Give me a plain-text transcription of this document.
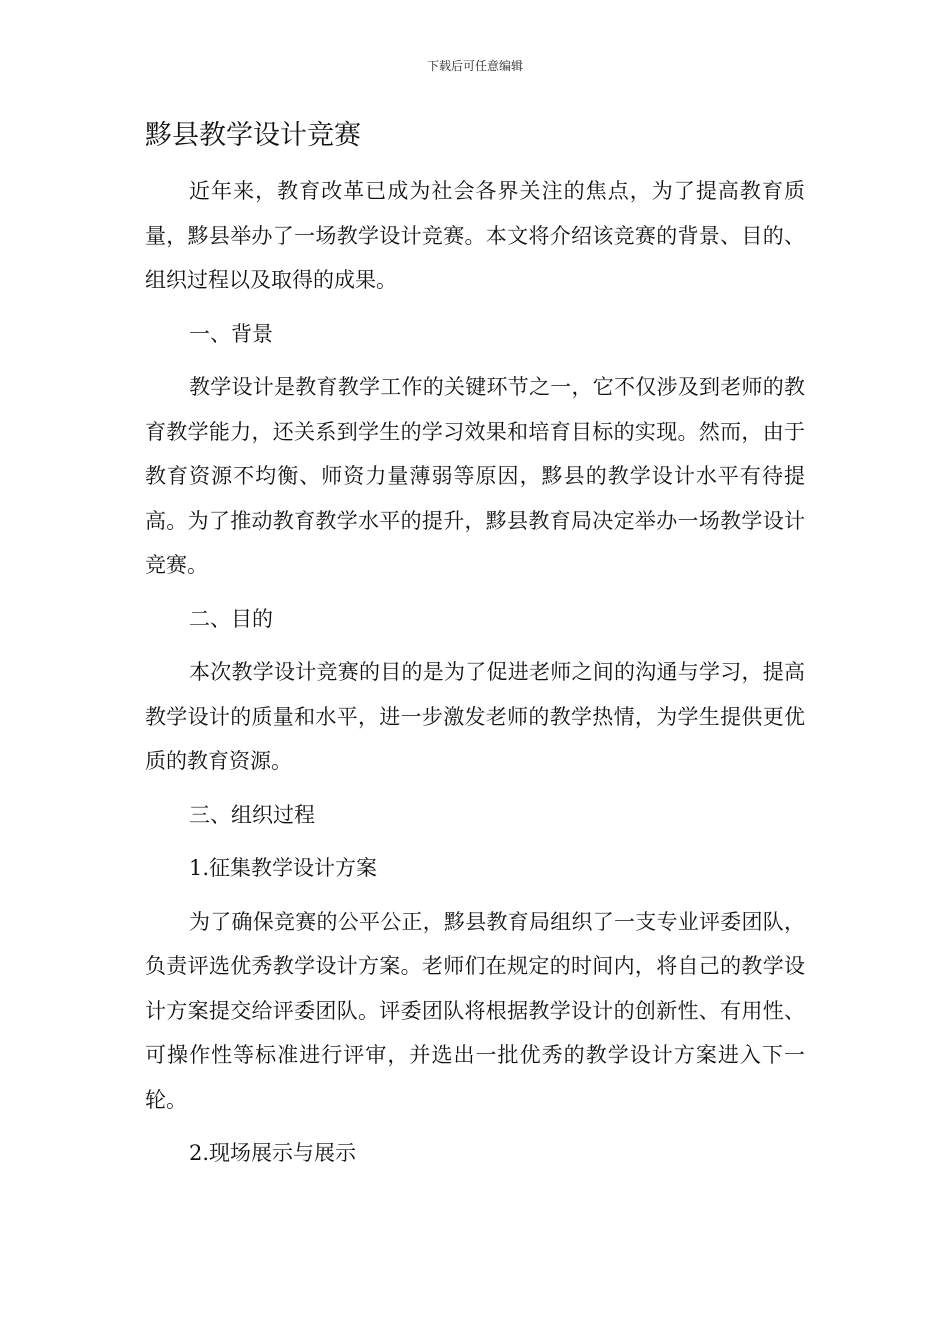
下载后可任意编辑
黟县教学设计竞赛

近年来，教育改革已成为社会各界关注的焦点，为了提高教育质量，黟县举办了一场教学设计竞赛。本文将介绍该竞赛的背景、目的、组织过程以及取得的成果。

一、背景

教学设计是教育教学工作的关键环节之一，它不仅涉及到老师的教育教学能力，还关系到学生的学习效果和培育目标的实现。然而，由于教育资源不均衡、师资力量薄弱等原因，黟县的教学设计水平有待提高。为了推动教育教学水平的提升，黟县教育局决定举办一场教学设计竞赛。

二、目的

本次教学设计竞赛的目的是为了促进老师之间的沟通与学习，提高教学设计的质量和水平，进一步激发老师的教学热情，为学生提供更优质的教育资源。

三、组织过程

1.征集教学设计方案

为了确保竞赛的公平公正，黟县教育局组织了一支专业评委团队，负责评选优秀教学设计方案。老师们在规定的时间内，将自己的教学设计方案提交给评委团队。评委团队将根据教学设计的创新性、有用性、可操作性等标准进行评审，并选出一批优秀的教学设计方案进入下一轮。

2.现场展示与展示
